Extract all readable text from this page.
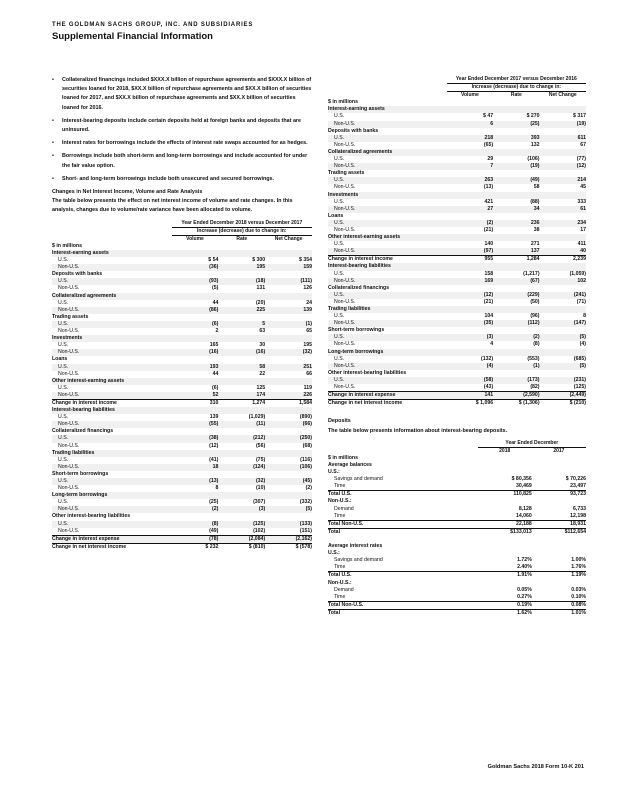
THE GOLDMAN SACHS GROUP, INC. AND SUBSIDIARIES
Supplemental Financial Information
• Collateralized financings included $XXX.X billion of repurchase agreements and $XXX.X billion of securities loaned for 2018, $XX.X billion of repurchase agreements and $XX.X billion of securities loaned for 2017, and $XX.X billion of repurchase agreements and $XX.X billion of securities loaned for 2016.
• Interest-bearing deposits include certain deposits held at foreign banks and deposits that are uninsured.
• Interest rates for borrowings include the effects of interest rate swaps accounted for as hedges.
• Borrowings include both short-term and long-term borrowings and include accounted for under the fair value option.
• Short- and long-term borrowings include both unsecured and secured borrowings.
Changes in Net Interest Income, Volume and Rate Analysis
The table below presents the effect on net interest income of volume and rate changes. In this analysis, changes due to volume/rate variance have been allocated to volume.
	Year Ended December 2018 versus December 2017		
	Increase (decrease) due to change in:		
	Volume	Rate	Net Change
$ in millions			
Interest-earning assets			
U.S.	$ 54	$ 300	$ 354
Non-U.S.	(36)	195	159
Deposits with banks			
U.S.	(93)	(18)	(111)
Non-U.S.	(5)	131	126
Collateralized agreements			
U.S.	44	(20)	24
Non-U.S.	(86)	225	139
Trading assets			
U.S.	(6)	5	(1)
Non-U.S.	2	63	65
Investments			
U.S.	165	30	195
Non-U.S.	(16)	(16)	(32)
Loans			
U.S.	193	58	251
Non-U.S.	44	22	66
Other interest-earning assets			
U.S.	(6)	125	119
Non-U.S.	52	174	226
Change in interest income	310	1,274	1,584
Interest-bearing liabilities			
U.S.	139	(1,029)	(890)
Non-U.S.	(55)	(11)	(66)
Collateralized financings			
U.S.	(38)	(212)	(250)
Non-U.S.	(12)	(56)	(68)
Trading liabilities			
U.S.	(41)	(75)	(116)
Non-U.S.	18	(124)	(106)
Short-term borrowings			
U.S.	(13)	(32)	(45)
Non-U.S.	8	(10)	(2)
Long-term borrowings			
U.S.	(25)	(307)	(332)
Non-U.S.	(2)	(3)	(5)
Other interest-bearing liabilities			
U.S.	(8)	(125)	(133)
Non-U.S.	(49)	(102)	(151)
Change in interest expense	(78)	(2,084)	(2,162)
Change in net interest income	$ 232	$ (810)	$ (578)
	Year Ended December 2017 versus December 2016		
	Increase (decrease) due to change in:		
	Volume	Rate	Net Change
$ in millions			
Interest-earning assets			
U.S.	$ 47	$ 270	$ 317
Non-U.S.	6	(25)	(19)
Deposits with banks			
U.S.	218	393	611
Non-U.S.	(65)	132	67
Collateralized agreements			
U.S.	29	(106)	(77)
Non-U.S.	7	(19)	(12)
Trading assets			
U.S.	263	(49)	214
Non-U.S.	(13)	58	45
Investments			
U.S.	421	(88)	333
Non-U.S.	27	34	61
Loans			
U.S.	(2)	236	234
Non-U.S.	(21)	38	17
Other interest-earning assets			
U.S.	140	271	411
Non-U.S.	(97)	137	40
Change in interest income	955	1,284	2,239
Interest-bearing liabilities			
U.S.	158	(1,217)	(1,059)
Non-U.S.	169	(67)	102
Collateralized financings			
U.S.	(12)	(229)	(241)
Non-U.S.	(21)	(50)	(71)
Trading liabilities			
U.S.	104	(96)	8
Non-U.S.	(35)	(112)	(147)
Short-term borrowings			
U.S.	(3)	(2)	(5)
Non-U.S.	4	(8)	(4)
Long-term borrowings			
U.S.	(132)	(553)	(685)
Non-U.S.	(4)	(1)	(5)
Other interest-bearing liabilities			
U.S.	(58)	(173)	(231)
Non-U.S.	(43)	(82)	(125)
Change in interest expense	141	(2,590)	(2,449)
Change in net interest income	$ 1,096	$ (1,306)	$ (210)
Deposits
The table below presents information about interest-bearing deposits.
	Year Ended December	
	2018	2017
$ in millions		
Average balances		
U.S.:		
Savings and demand	$ 80,356	$ 70,226
Time	30,469	23,497
Total U.S.	110,825	93,723
Non-U.S.:		
Demand	8,128	6,733
Time	14,060	12,198
Total Non-U.S.	22,188	18,931
Total	$133,013	$112,654

Average interest rates		
U.S.:		
Savings and demand	1.72%	1.00%
Time	2.40%	1.76%
Total U.S.	1.91%	1.19%
Non-U.S.:		
Demand	0.05%	0.03%
Time	0.27%	0.10%
Total Non-U.S.	0.19%	0.08%
Total	1.62%	1.01%
Goldman Sachs 2018 Form 10-K 201
